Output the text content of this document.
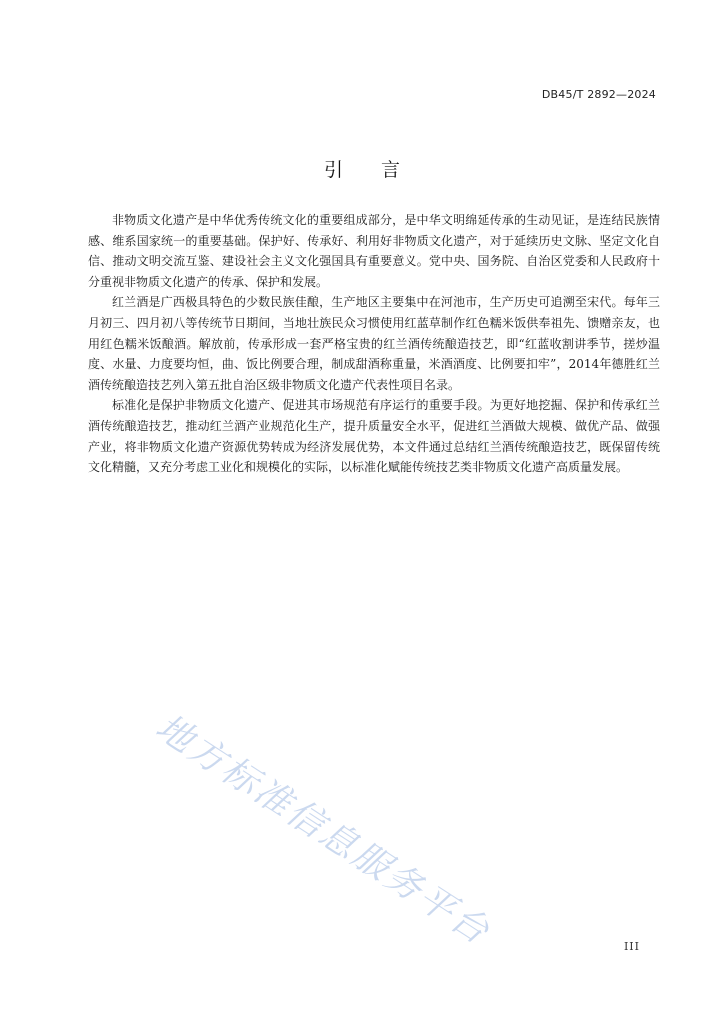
DB45/T 2892—2024
引言

非物质文化遗产是中华优秀传统文化的重要组成部分，是中华文明绵延传承的生动见证，是连结民族情感、维系国家统一的重要基础。保护好、传承好、利用好非物质文化遗产，对于延续历史文脉、坚定文化自信、推动文明交流互鉴、建设社会主义文化强国具有重要意义。党中央、国务院、自治区党委和人民政府十分重视非物质文化遗产的传承、保护和发展。

红兰酒是广西极具特色的少数民族佳酿，生产地区主要集中在河池市，生产历史可追溯至宋代。每年三月初三、四月初八等传统节日期间，当地壮族民众习惯使用红蓝草制作红色糯米饭供奉祖先、馈赠亲友，也用红色糯米饭酿酒。解放前，传承形成一套严格宝贵的红兰酒传统酿造技艺，即“红蓝收割讲季节，搓炒温度、水量、力度要均恒，曲、饭比例要合理，制成甜酒称重量，米酒酒度、比例要扣牢”，2014年德胜红兰酒传统酿造技艺列入第五批自治区级非物质文化遗产代表性项目名录。

标准化是保护非物质文化遗产、促进其市场规范有序运行的重要手段。为更好地挖掘、保护和传承红兰酒传统酿造技艺，推动红兰酒产业规范化生产，提升质量安全水平，促进红兰酒做大规模、做优产品、做强产业，将非物质文化遗产资源优势转成为经济发展优势，本文件通过总结红兰酒传统酿造技艺，既保留传统文化精髓，又充分考虑工业化和规模化的实际，以标准化赋能传统技艺类非物质文化遗产高质量发展。

地方标准信息服务平台	III
